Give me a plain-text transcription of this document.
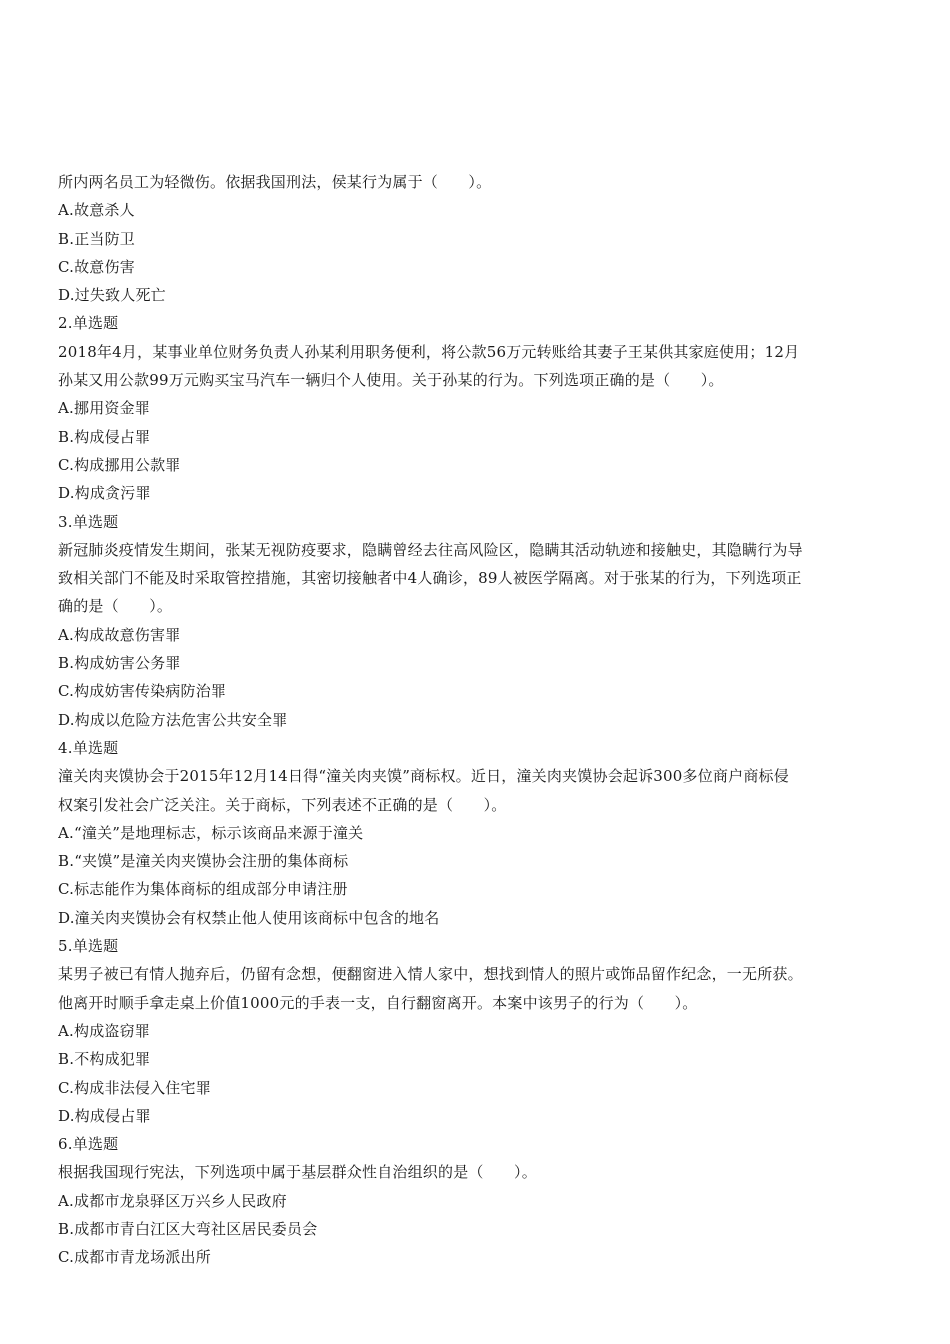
所内两名员工为轻微伤。依据我国刑法，侯某行为属于（　　）。
A.故意杀人
B.正当防卫
C.故意伤害
D.过失致人死亡
2.单选题
2018年4月，某事业单位财务负责人孙某利用职务便利，将公款56万元转账给其妻子王某供其家庭使用；12月
孙某又用公款99万元购买宝马汽车一辆归个人使用。关于孙某的行为。下列选项正确的是（　　）。
A.挪用资金罪
B.构成侵占罪
C.构成挪用公款罪
D.构成贪污罪
3.单选题
新冠肺炎疫情发生期间，张某无视防疫要求，隐瞒曾经去往高风险区，隐瞒其活动轨迹和接触史，其隐瞒行为导
致相关部门不能及时采取管控措施，其密切接触者中4人确诊，89人被医学隔离。对于张某的行为，下列选项正
确的是（　　）。
A.构成故意伤害罪
B.构成妨害公务罪
C.构成妨害传染病防治罪
D.构成以危险方法危害公共安全罪
4.单选题
潼关肉夹馍协会于2015年12月14日得“潼关肉夹馍”商标权。近日，潼关肉夹馍协会起诉300多位商户商标侵
权案引发社会广泛关注。关于商标，下列表述不正确的是（　　）。
A.“潼关”是地理标志，标示该商品来源于潼关
B.“夹馍”是潼关肉夹馍协会注册的集体商标
C.标志能作为集体商标的组成部分申请注册
D.潼关肉夹馍协会有权禁止他人使用该商标中包含的地名
5.单选题
某男子被已有情人抛弃后，仍留有念想，便翻窗进入情人家中，想找到情人的照片或饰品留作纪念，一无所获。
他离开时顺手拿走桌上价值1000元的手表一支，自行翻窗离开。本案中该男子的行为（　　）。
A.构成盗窃罪
B.不构成犯罪
C.构成非法侵入住宅罪
D.构成侵占罪
6.单选题
根据我国现行宪法，下列选项中属于基层群众性自治组织的是（　　）。
A.成都市龙泉驿区万兴乡人民政府
B.成都市青白江区大弯社区居民委员会
C.成都市青龙场派出所
